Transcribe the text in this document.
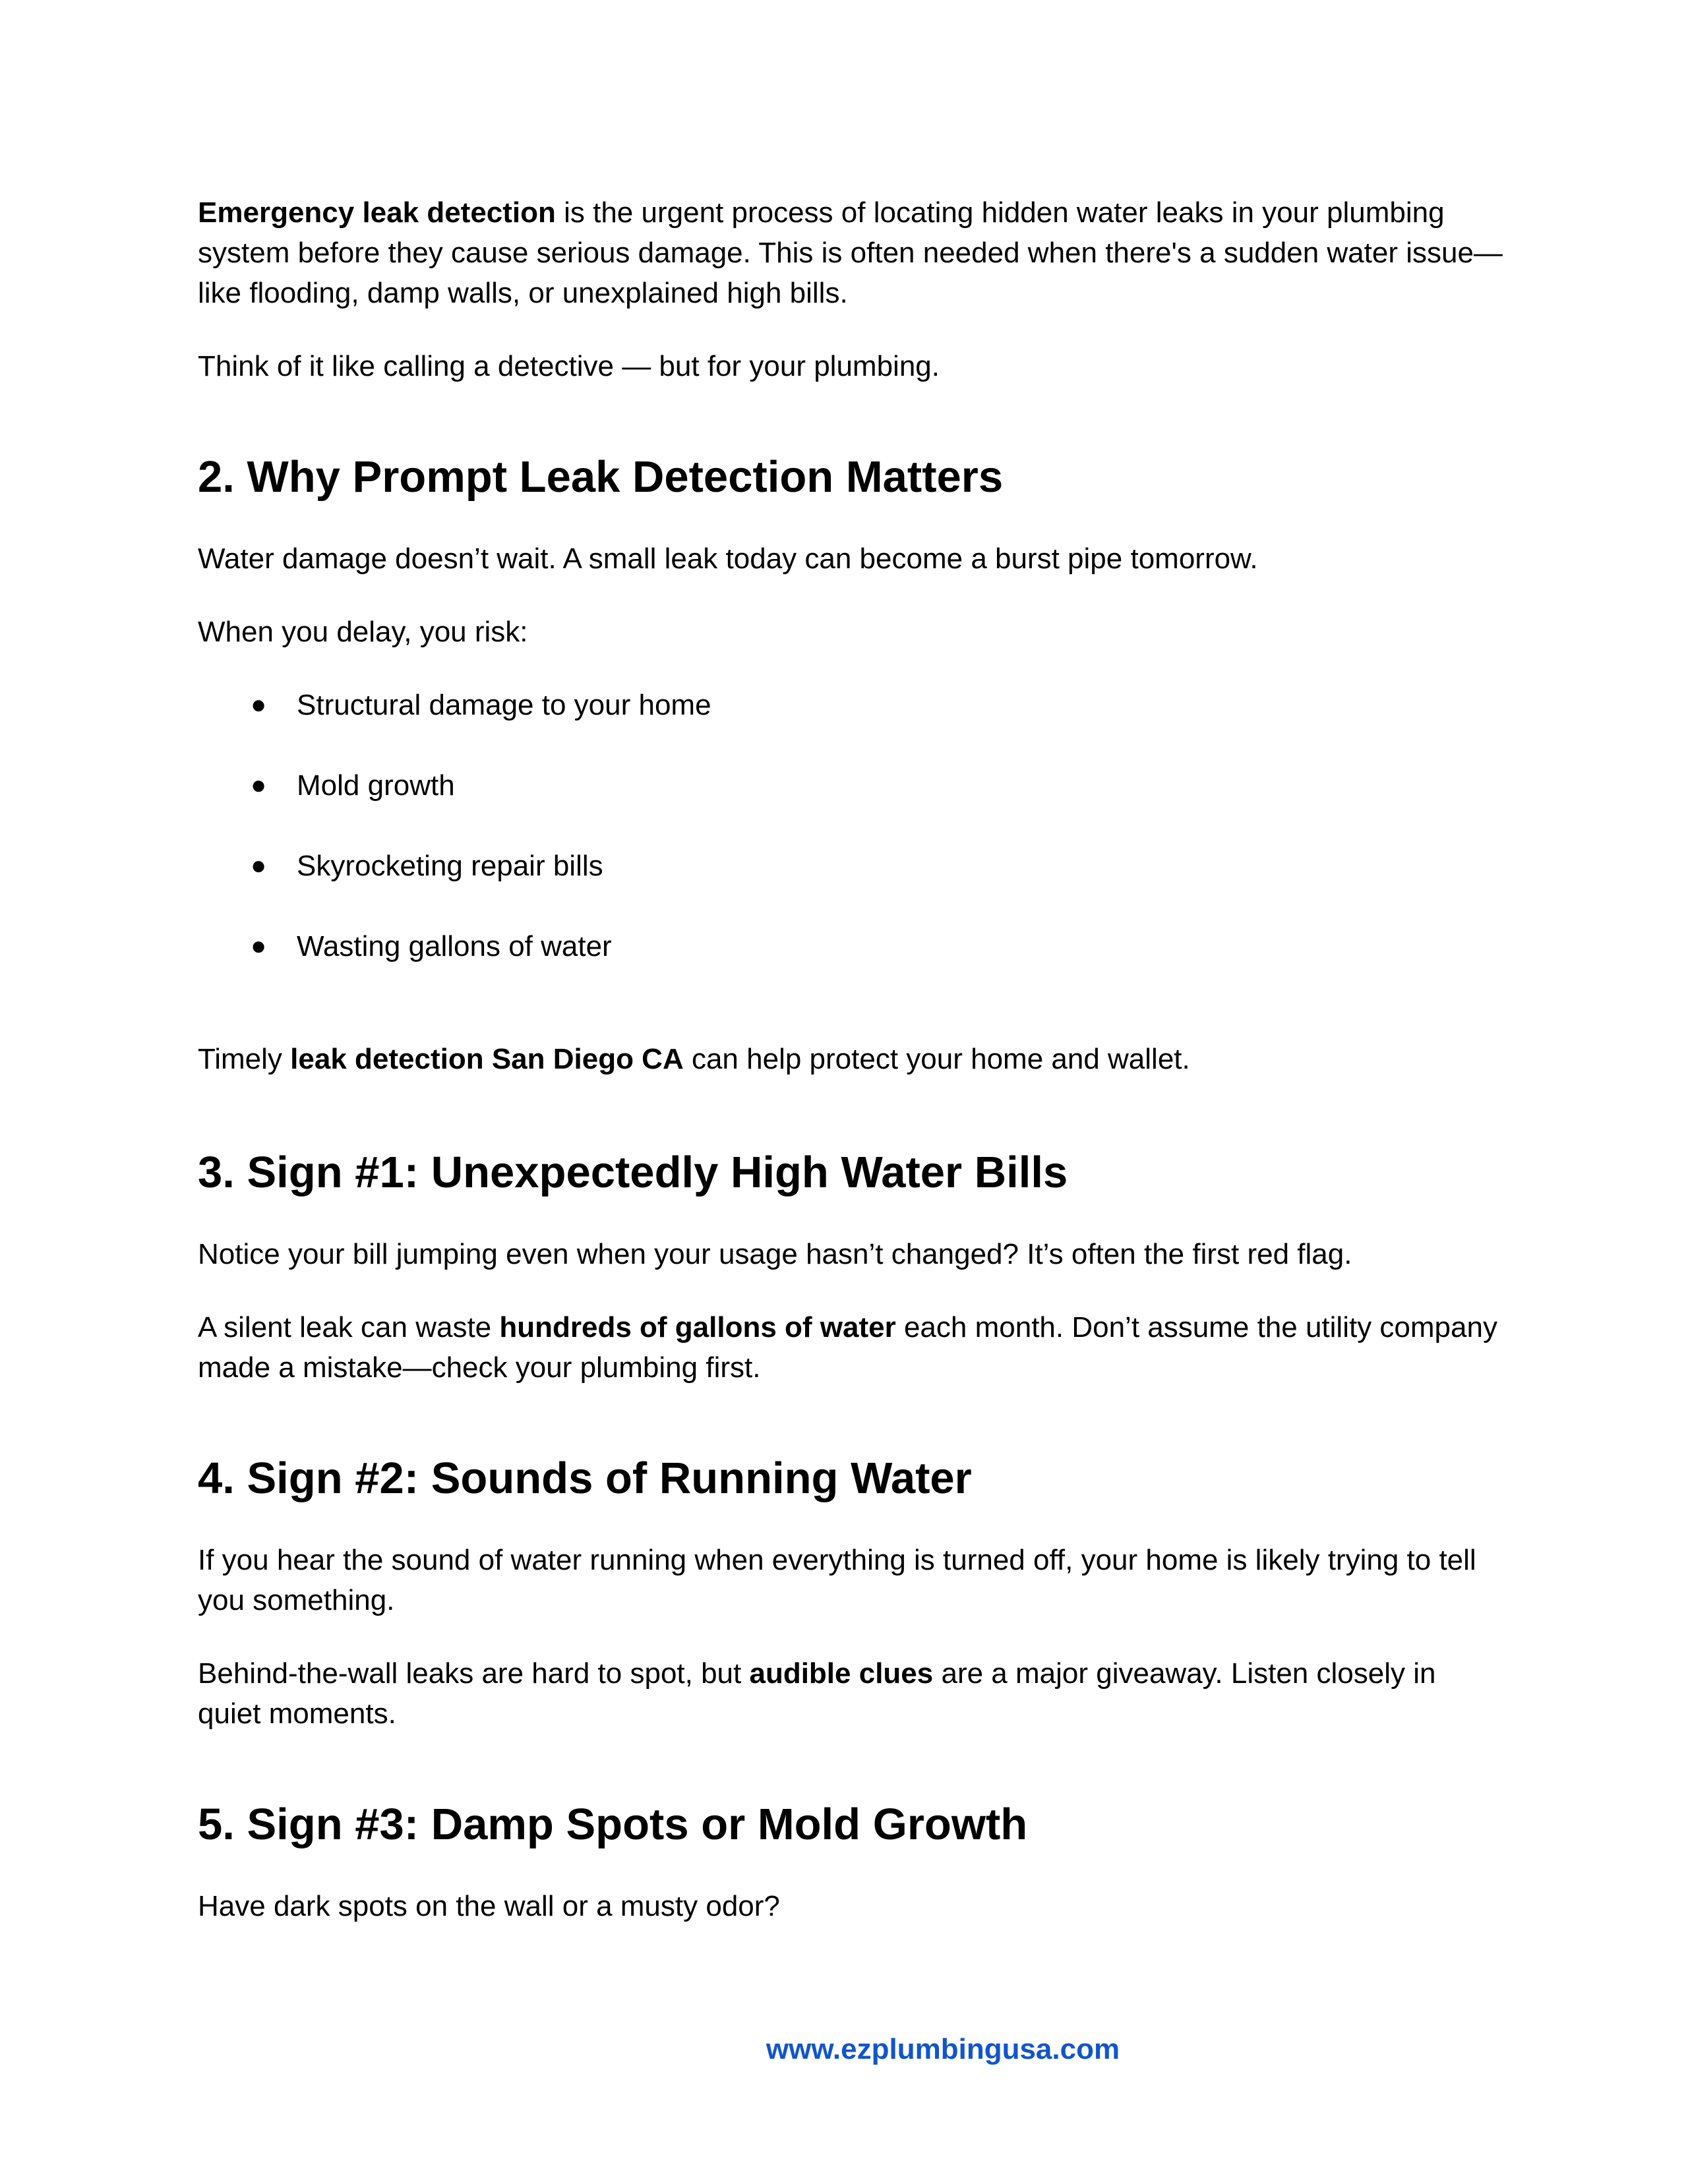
Emergency leak detection is the urgent process of locating hidden water leaks in your plumbing system before they cause serious damage. This is often needed when there's a sudden water issue—like flooding, damp walls, or unexplained high bills.

Think of it like calling a detective — but for your plumbing.

2. Why Prompt Leak Detection Matters

Water damage doesn’t wait. A small leak today can become a burst pipe tomorrow.

When you delay, you risk:

● Structural damage to your home
● Mold growth
● Skyrocketing repair bills
● Wasting gallons of water

Timely leak detection San Diego CA can help protect your home and wallet.

3. Sign #1: Unexpectedly High Water Bills

Notice your bill jumping even when your usage hasn’t changed? It’s often the first red flag.

A silent leak can waste hundreds of gallons of water each month. Don’t assume the utility company made a mistake—check your plumbing first.

4. Sign #2: Sounds of Running Water

If you hear the sound of water running when everything is turned off, your home is likely trying to tell you something.

Behind-the-wall leaks are hard to spot, but audible clues are a major giveaway. Listen closely in quiet moments.

5. Sign #3: Damp Spots or Mold Growth

Have dark spots on the wall or a musty odor?

www.ezplumbingusa.com
